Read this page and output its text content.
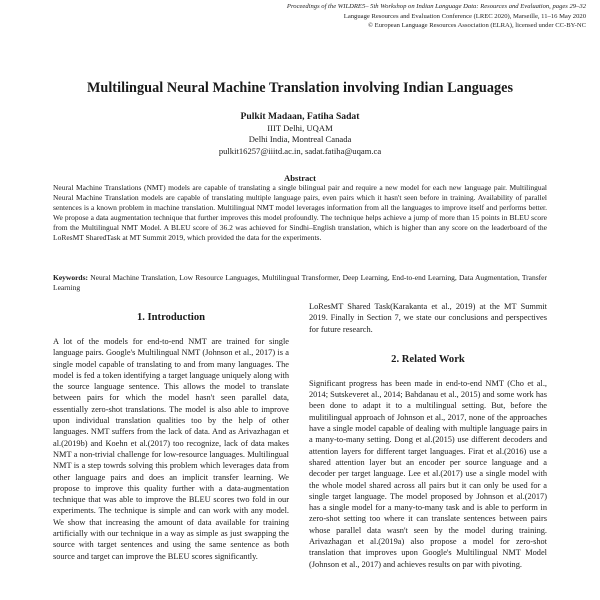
Proceedings of the WILDRE5– 5th Workshop on Indian Language Data: Resources and Evaluation, pages 29–32
Language Resources and Evaluation Conference (LREC 2020), Marseille, 11–16 May 2020
© European Language Resources Association (ELRA), licensed under CC-BY-NC
Multilingual Neural Machine Translation involving Indian Languages
Pulkit Madaan, Fatiha Sadat
IIIT Delhi, UQAM
Delhi India, Montreal Canada
pulkit16257@iiitd.ac.in, sadat.fatiha@uqam.ca
Abstract

Neural Machine Translations (NMT) models are capable of translating a single bilingual pair and require a new model for each new language pair. Multilingual Neural Machine Translation models are capable of translating multiple language pairs, even pairs which it hasn't seen before in training. Availability of parallel sentences is a known problem in machine translation. Multilingual NMT model leverages information from all the languages to improve itself and performs better. We propose a data augmentation technique that further improves this model profoundly. The technique helps achieve a jump of more than 15 points in BLEU score from the Multilingual NMT Model. A BLEU score of 36.2 was achieved for Sindhi–English translation, which is higher than any score on the leaderboard of the LoResMT SharedTask at MT Summit 2019, which provided the data for the experiments.

Keywords: Neural Machine Translation, Low Resource Languages, Multilingual Transformer, Deep Learning, End-to-end Learning, Data Augmentation, Transfer Learning

1. Introduction

A lot of the models for end-to-end NMT are trained for single language pairs. Google's Multilingual NMT (Johnson et al., 2017) is a single model capable of translating to and from many languages. The model is fed a token identifying a target language uniquely along with the source language sentence. This allows the model to translate between pairs for which the model hasn't seen parallel data, essentially zero-shot translations. The model is also able to improve upon individual translation qualities too by the help of other languages. NMT suffers from the lack of data. And as Arivazhagan et al.(2019b) and Koehn et al.(2017) too recognize, lack of data makes NMT a non-trivial challenge for low-resource languages. Multilingual NMT is a step towrds solving this problem which leverages data from other language pairs and does an implicit transfer learning. We propose to improve this quality further with a data-augmentation technique that was able to improve the BLEU scores two fold in our experiments. The technique is simple and can work with any model. We show that increasing the amount of data available for training artificially with our technique in a way as simple as just swapping the source with target sentences and using the same sentence as both source and target can improve the BLEU scores significantly.

LoResMT Shared Task(Karakanta et al., 2019) at the MT Summit 2019. Finally in Section 7, we state our conclusions and perspectives for future research.

2. Related Work

Significant progress has been made in end-to-end NMT (Cho et al., 2014; Sutskeveret al., 2014; Bahdanau et al., 2015) and some work has been done to adapt it to a multilingual setting. But, before the mulitilingual approach of Johnson et al., 2017, none of the approaches have a single model capable of dealing with multiple language pairs in a many-to-many setting. Dong et al.(2015) use different decoders and attention layers for different target languages. Firat et al.(2016) use a shared attention layer but an encoder per source language and a decoder per target language. Lee et al.(2017) use a single model with the whole model shared across all pairs but it can only be used for a single target language. The model proposed by Johnson et al.(2017) has a single model for a many-to-many task and is able to perform in zero-shot setting too where it can translate sentences between pairs whose parallel data wasn't seen by the model during training. Arivazhagan et al.(2019a) also propose a model for zero-shot translation that improves upon Google's Multilingual NMT Model (Johnson et al., 2017) and achieves results on par with pivoting.
